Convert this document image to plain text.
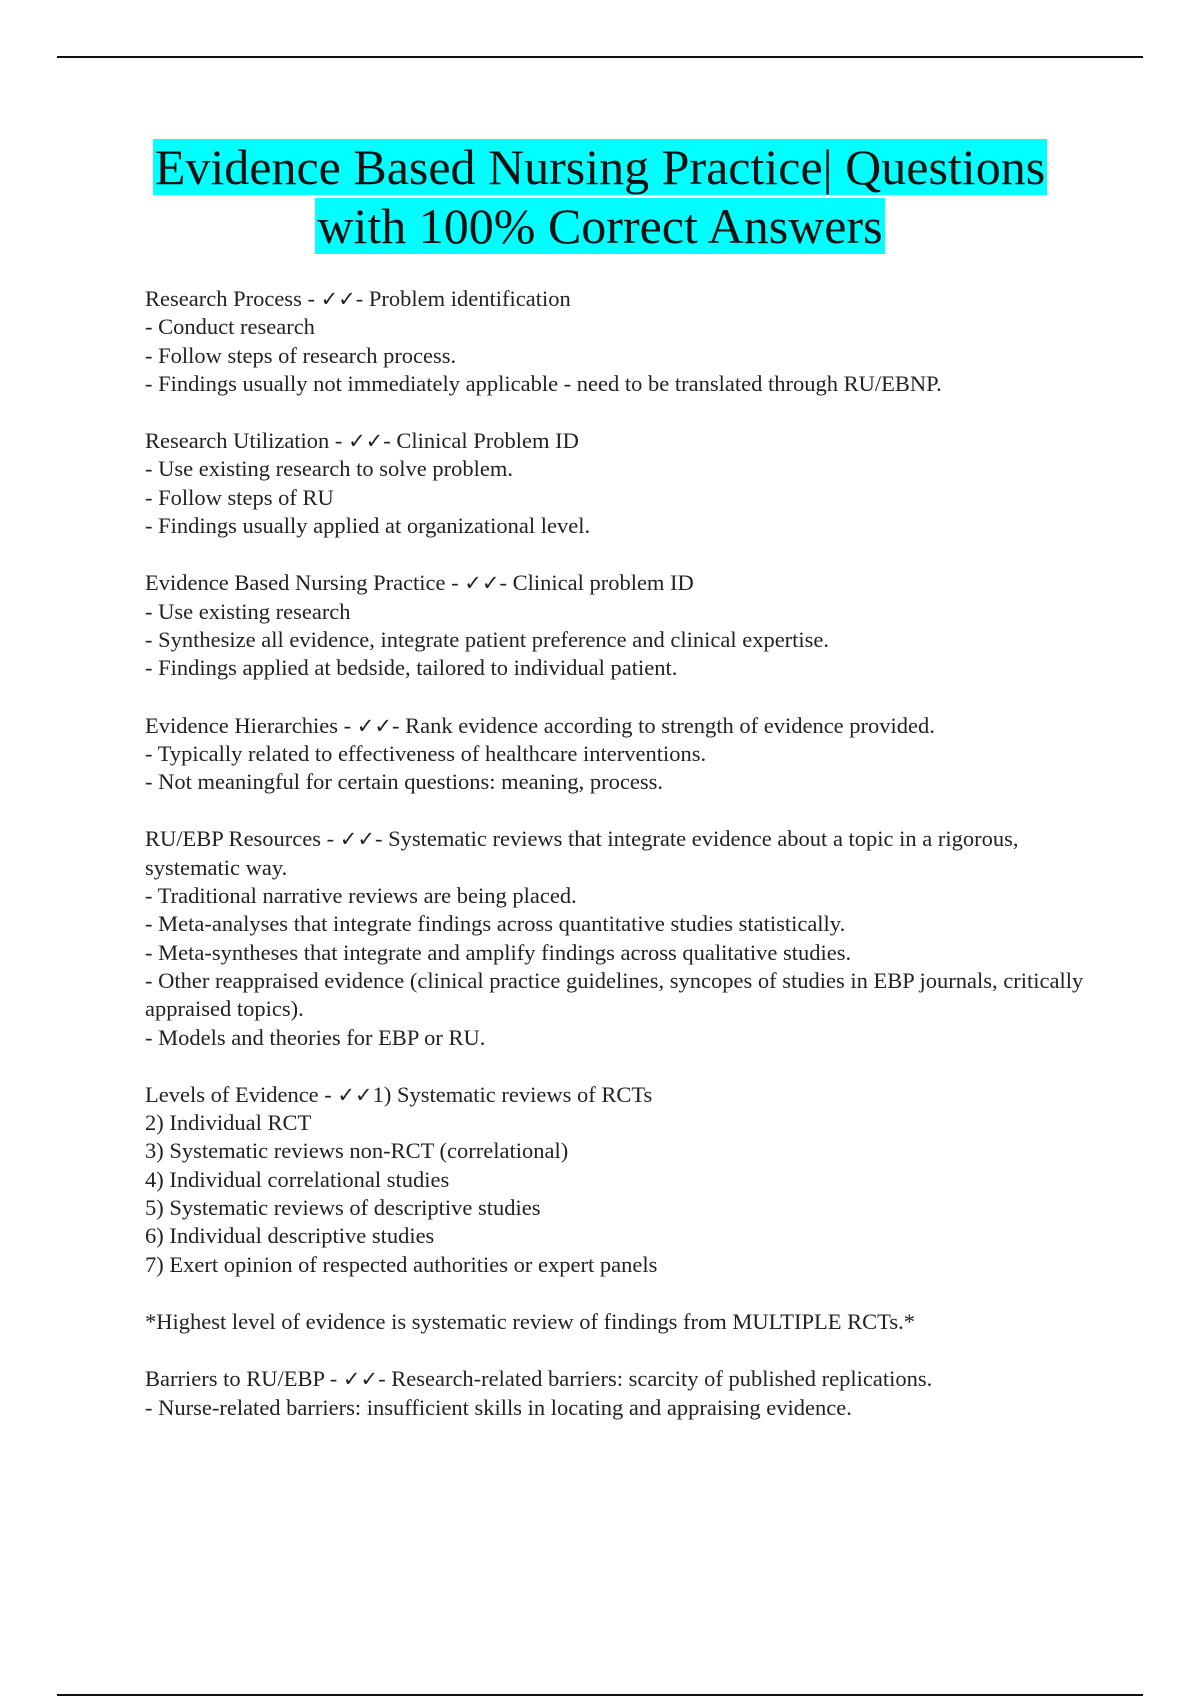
Evidence Based Nursing Practice| Questions
with 100% Correct Answers
Research Process - ✓✓- Problem identification
- Conduct research
- Follow steps of research process.
- Findings usually not immediately applicable - need to be translated through RU/EBNP.
Research Utilization - ✓✓- Clinical Problem ID
- Use existing research to solve problem.
- Follow steps of RU
- Findings usually applied at organizational level.
Evidence Based Nursing Practice - ✓✓- Clinical problem ID
- Use existing research
- Synthesize all evidence, integrate patient preference and clinical expertise.
- Findings applied at bedside, tailored to individual patient.
Evidence Hierarchies - ✓✓- Rank evidence according to strength of evidence provided.
- Typically related to effectiveness of healthcare interventions.
- Not meaningful for certain questions: meaning, process.
RU/EBP Resources - ✓✓- Systematic reviews that integrate evidence about a topic in a rigorous, systematic way.
- Traditional narrative reviews are being placed.
- Meta-analyses that integrate findings across quantitative studies statistically.
- Meta-syntheses that integrate and amplify findings across qualitative studies.
- Other reappraised evidence (clinical practice guidelines, syncopes of studies in EBP journals, critically appraised topics).
- Models and theories for EBP or RU.
Levels of Evidence - ✓✓1) Systematic reviews of RCTs
2) Individual RCT
3) Systematic reviews non-RCT (correlational)
4) Individual correlational studies
5) Systematic reviews of descriptive studies
6) Individual descriptive studies
7) Exert opinion of respected authorities or expert panels
*Highest level of evidence is systematic review of findings from MULTIPLE RCTs.*
Barriers to RU/EBP - ✓✓- Research-related barriers: scarcity of published replications.
- Nurse-related barriers: insufficient skills in locating and appraising evidence.
